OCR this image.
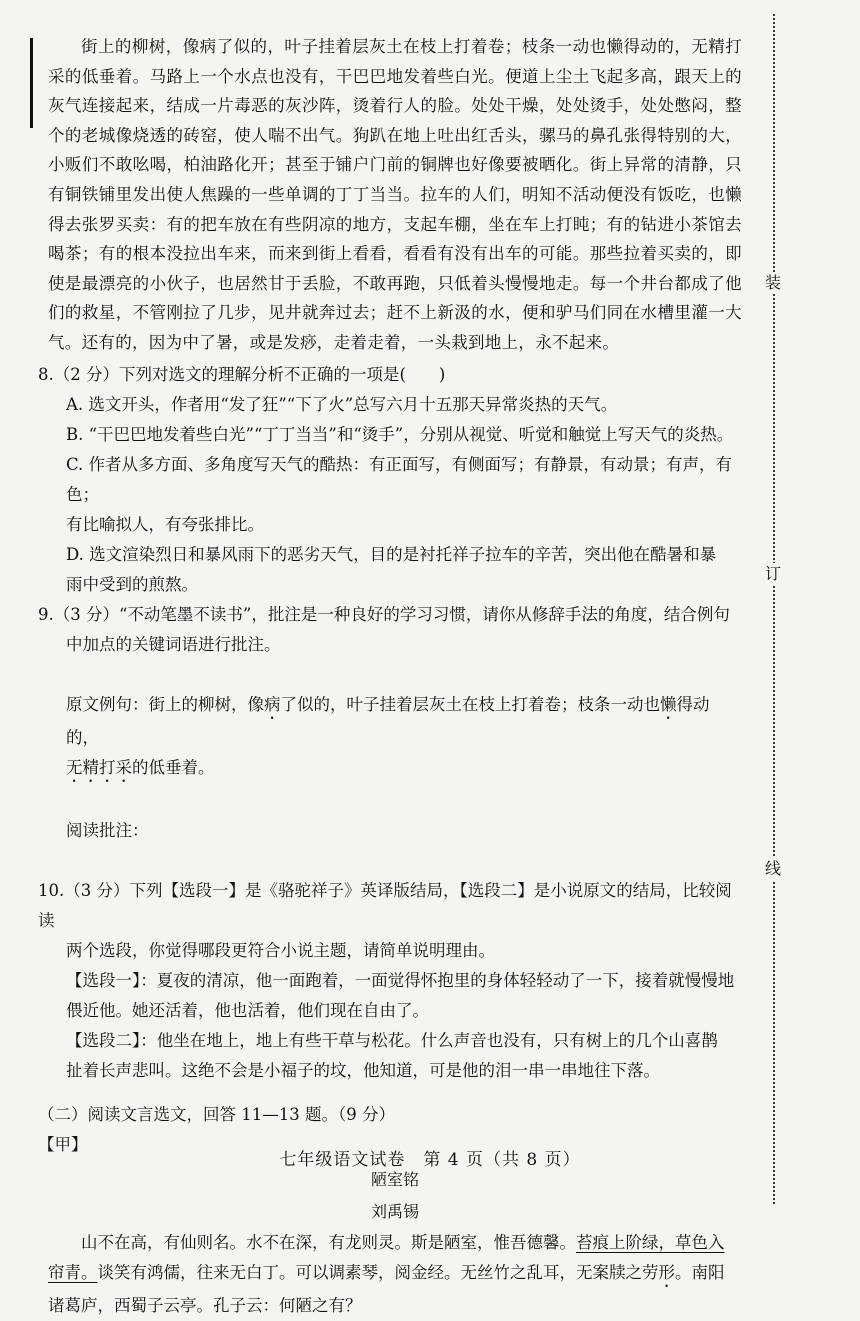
装
订
线

街上的柳树，像病了似的，叶子挂着层灰土在枝上打着卷；枝条一动也懒得动的，无精打采的低垂着。马路上一个水点也没有，干巴巴地发着些白光。便道上尘土飞起多高，跟天上的灰气连接起来，结成一片毒恶的灰沙阵，烫着行人的脸。处处干燥，处处烫手，处处憋闷，整个的老城像烧透的砖窑，使人喘不出气。狗趴在地上吐出红舌头，骡马的鼻孔张得特别的大，小贩们不敢吆喝，柏油路化开；甚至于铺户门前的铜牌也好像要被晒化。街上异常的清静，只有铜铁铺里发出使人焦躁的一些单调的丁丁当当。拉车的人们，明知不活动便没有饭吃，也懒得去张罗买卖：有的把车放在有些阴凉的地方，支起车棚，坐在车上打盹；有的钻进小茶馆去喝茶；有的根本没拉出车来，而来到街上看看，看看有没有出车的可能。那些拉着买卖的，即使是最漂亮的小伙子，也居然甘于丢脸，不敢再跑，只低着头慢慢地走。每一个井台都成了他们的救星，不管刚拉了几步，见井就奔过去；赶不上新汲的水，便和驴马们同在水槽里灌一大气。还有的，因为中了暑，或是发痧，走着走着，一头栽到地上，永不起来。

8.（2 分）下列对选文的理解分析不正确的一项是(　　)

A. 选文开头，作者用“发了狂”“下了火”总写六月十五那天异常炎热的天气。

B. “干巴巴地发着些白光”“丁丁当当”和“烫手”，分别从视觉、听觉和触觉上写天气的炎热。

C. 作者从多方面、多角度写天气的酷热：有正面写，有侧面写；有静景，有动景；有声，有色；

有比喻拟人，有夸张排比。

D. 选文渲染烈日和暴风雨下的恶劣天气，目的是衬托祥子拉车的辛苦，突出他在酷暑和暴

雨中受到的煎熬。

9.（3 分）“不动笔墨不读书”，批注是一种良好的学习习惯，请你从修辞手法的角度，结合例句

中加点的关键词语进行批注。

原文例句：街上的柳树，像病了似的，叶子挂着层灰土在枝上打着卷；枝条一动也懒得动的，

无精打采的低垂着。

阅读批注：

10.（3 分）下列【选段一】是《骆驼祥子》英译版结局，【选段二】是小说原文的结局，比较阅读

两个选段，你觉得哪段更符合小说主题，请简单说明理由。

【选段一】：夏夜的清凉，他一面跑着，一面觉得怀抱里的身体轻轻动了一下，接着就慢慢地

偎近他。她还活着，他也活着，他们现在自由了。

【选段二】：他坐在地上，地上有些干草与松花。什么声音也没有，只有树上的几个山喜鹊

扯着长声悲叫。这绝不会是小福子的坟，他知道，可是他的泪一串一串地往下落。

（二）阅读文言选文，回答 11—13 题。（9 分）

【甲】

陋室铭
刘禹锡

山不在高，有仙则名。水不在深，有龙则灵。斯是陋室，惟吾德馨。苔痕上阶绿，草色入

帘青。谈笑有鸿儒，往来无白丁。可以调素琴，阅金经。无丝竹之乱耳，无案牍之劳形。南阳

诸葛庐，西蜀子云亭。孔子云：何陋之有？

七年级语文试卷　第 4 页（共 8 页）
